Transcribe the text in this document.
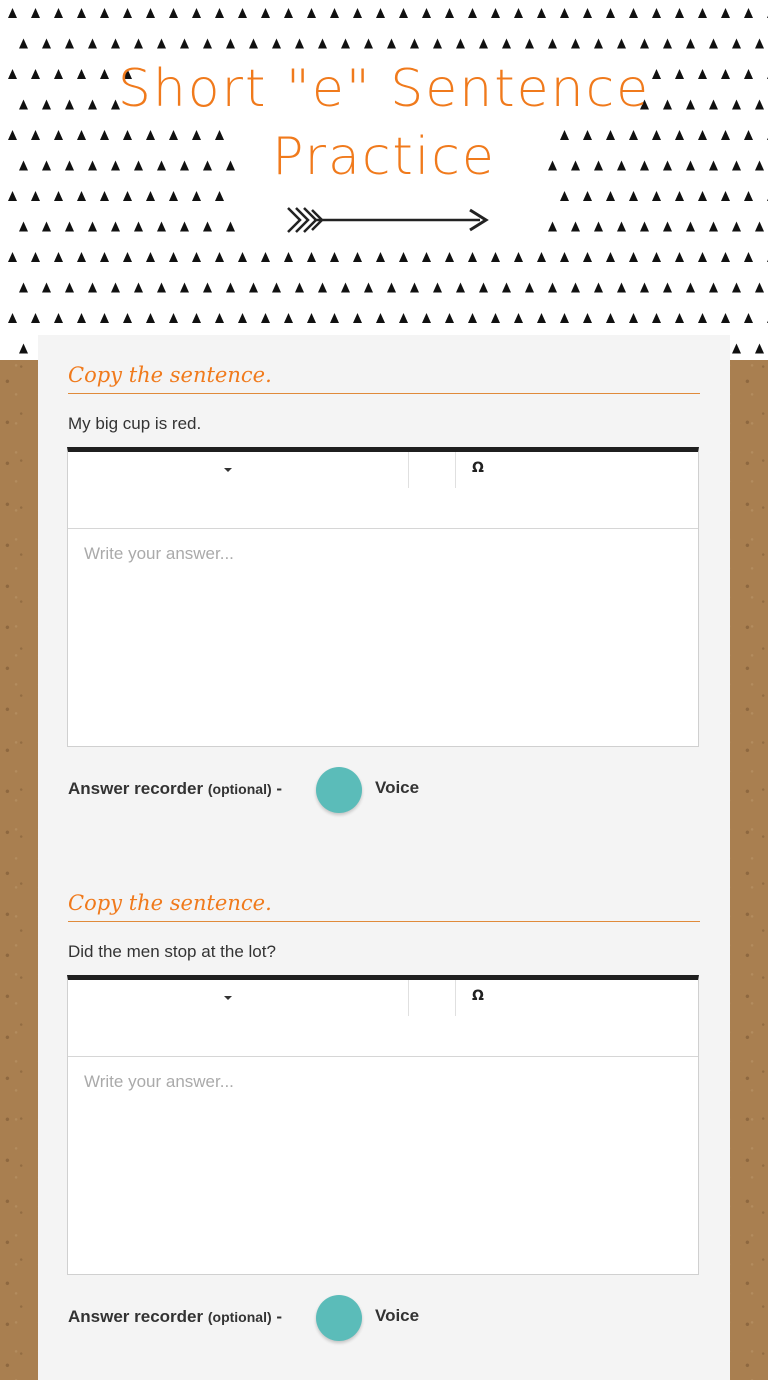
Short "e" Sentence Practice
Copy the sentence.
My big cup is red.
Ω
Write your answer...
Answer recorder (optional) -	Voice
Copy the sentence.
Did the men stop at the lot?
Ω
Write your answer...
Answer recorder (optional) -	Voice
